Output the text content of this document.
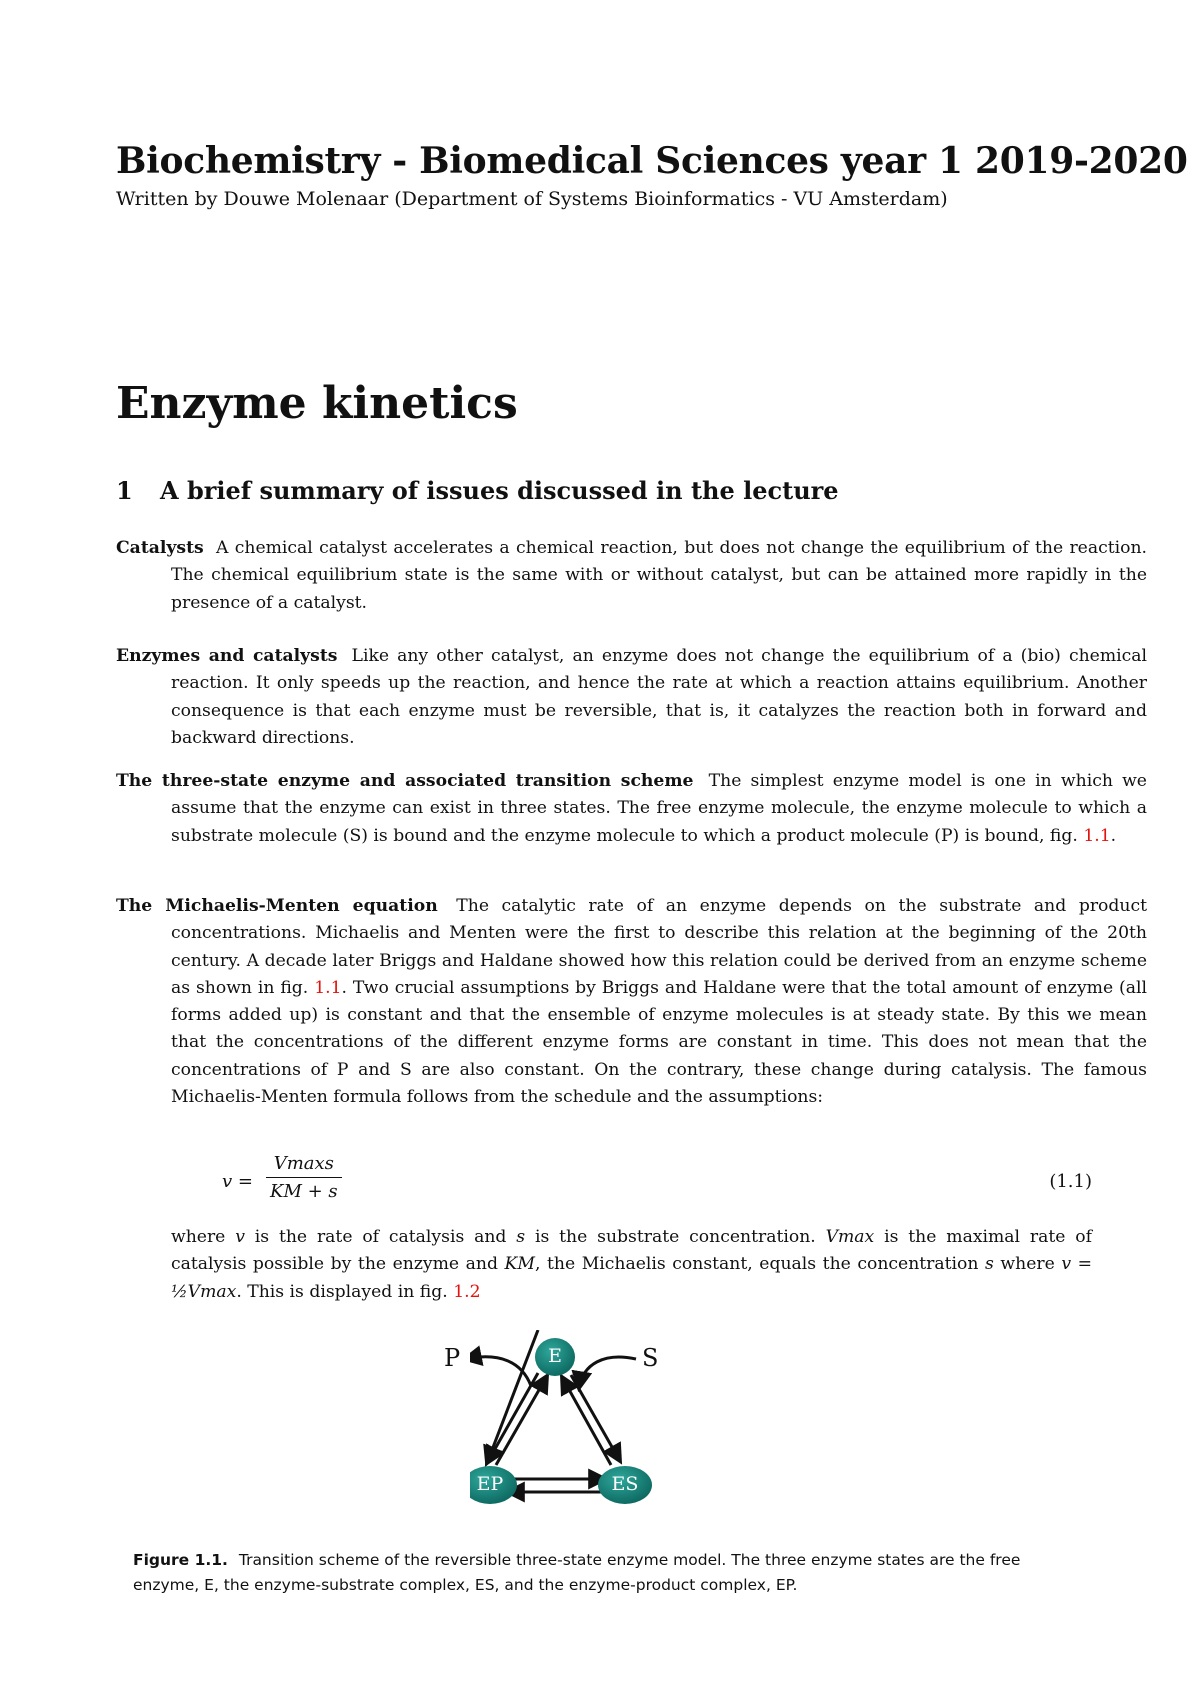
Biochemistry - Biomedical Sciences year 1 2019-2020

Written by Douwe Molenaar (Department of Systems Bioinformatics - VU Amsterdam)

Enzyme kinetics
1 A brief summary of issues discussed in the lecture

Catalysts A chemical catalyst accelerates a chemical reaction, but does not change the equilibrium of the reaction. The chemical equilibrium state is the same with or without catalyst, but can be attained more rapidly in the presence of a catalyst.

Enzymes and catalysts Like any other catalyst, an enzyme does not change the equilibrium of a (bio) chemical reaction. It only speeds up the reaction, and hence the rate at which a reaction attains equilibrium. Another consequence is that each enzyme must be reversible, that is, it catalyzes the reaction both in forward and backward directions.

The three-state enzyme and associated transition scheme The simplest enzyme model is one in which we assume that the enzyme can exist in three states. The free enzyme molecule, the enzyme molecule to which a substrate molecule (S) is bound and the enzyme molecule to which a product molecule (P) is bound, fig. 1.1.

The Michaelis-Menten equation The catalytic rate of an enzyme depends on the substrate and product concentrations. Michaelis and Menten were the first to describe this relation at the beginning of the 20th century. A decade later Briggs and Haldane showed how this relation could be derived from an enzyme scheme as shown in fig. 1.1. Two crucial assumptions by Briggs and Haldane were that the total amount of enzyme (all forms added up) is constant and that the ensemble of enzyme molecules is at steady state. By this we mean that the concentrations of the different enzyme forms are constant in time. This does not mean that the concentrations of P and S are also constant. On the contrary, these change during catalysis. The famous Michaelis-Menten formula follows from the schedule and the assumptions:

v =
Vmaxs
KM + s	(1.1)

where v is the rate of catalysis and s is the substrate concentration. Vmax is the maximal rate of catalysis possible by the enzyme and KM, the Michaelis constant, equals the concentration s where v = ½Vmax. This is displayed in fig. 1.2

E
EP	ES
P	S

Figure 1.1. Transition scheme of the reversible three-state enzyme model. The three enzyme states are the free enzyme, E, the enzyme-substrate complex, ES, and the enzyme-product complex, EP.
